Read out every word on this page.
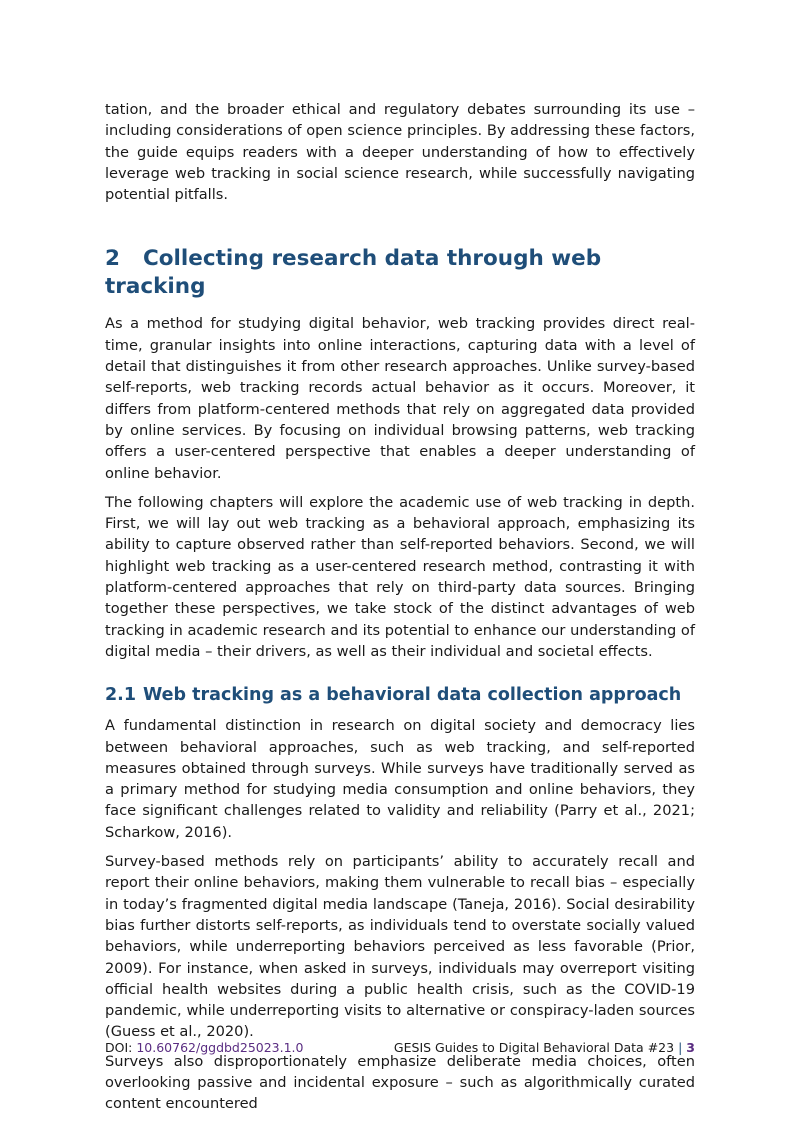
tation, and the broader ethical and regulatory debates surrounding its use – including considerations of open science principles. By addressing these factors, the guide equips readers with a deeper understanding of how to effectively leverage web tracking in social science research, while successfully navigating potential pitfalls.

2 Collecting research data through web tracking

As a method for studying digital behavior, web tracking provides direct real-time, granular insights into online interactions, capturing data with a level of detail that distinguishes it from other research approaches. Unlike survey-based self-reports, web tracking records actual behavior as it occurs. Moreover, it differs from platform-centered methods that rely on aggregated data provided by online services. By focusing on individual browsing patterns, web tracking offers a user-centered perspective that enables a deeper understanding of online behavior.

The following chapters will explore the academic use of web tracking in depth. First, we will lay out web tracking as a behavioral approach, emphasizing its ability to capture observed rather than self-reported behaviors. Second, we will highlight web tracking as a user-centered research method, contrasting it with platform-centered approaches that rely on third-party data sources. Bringing together these perspectives, we take stock of the distinct advantages of web tracking in academic research and its potential to enhance our understanding of digital media – their drivers, as well as their individual and societal effects.

2.1 Web tracking as a behavioral data collection approach

A fundamental distinction in research on digital society and democracy lies between behavioral approaches, such as web tracking, and self-reported measures obtained through surveys. While surveys have traditionally served as a primary method for studying media consumption and online behaviors, they face significant challenges related to validity and reliability (Parry et al., 2021; Scharkow, 2016).

Survey-based methods rely on participants’ ability to accurately recall and report their online behaviors, making them vulnerable to recall bias – especially in today’s fragmented digital media landscape (Taneja, 2016). Social desirability bias further distorts self-reports, as individuals tend to overstate socially valued behaviors, while underreporting behaviors perceived as less favorable (Prior, 2009). For instance, when asked in surveys, individuals may overreport visiting official health websites during a public health crisis, such as the COVID-19 pandemic, while underreporting visits to alternative or conspiracy-laden sources (Guess et al., 2020).

Surveys also disproportionately emphasize deliberate media choices, often overlooking passive and incidental exposure – such as algorithmically curated content encountered

DOI: 10.60762/ggdbd25023.1.0	GESIS Guides to Digital Behavioral Data #23 | 3
